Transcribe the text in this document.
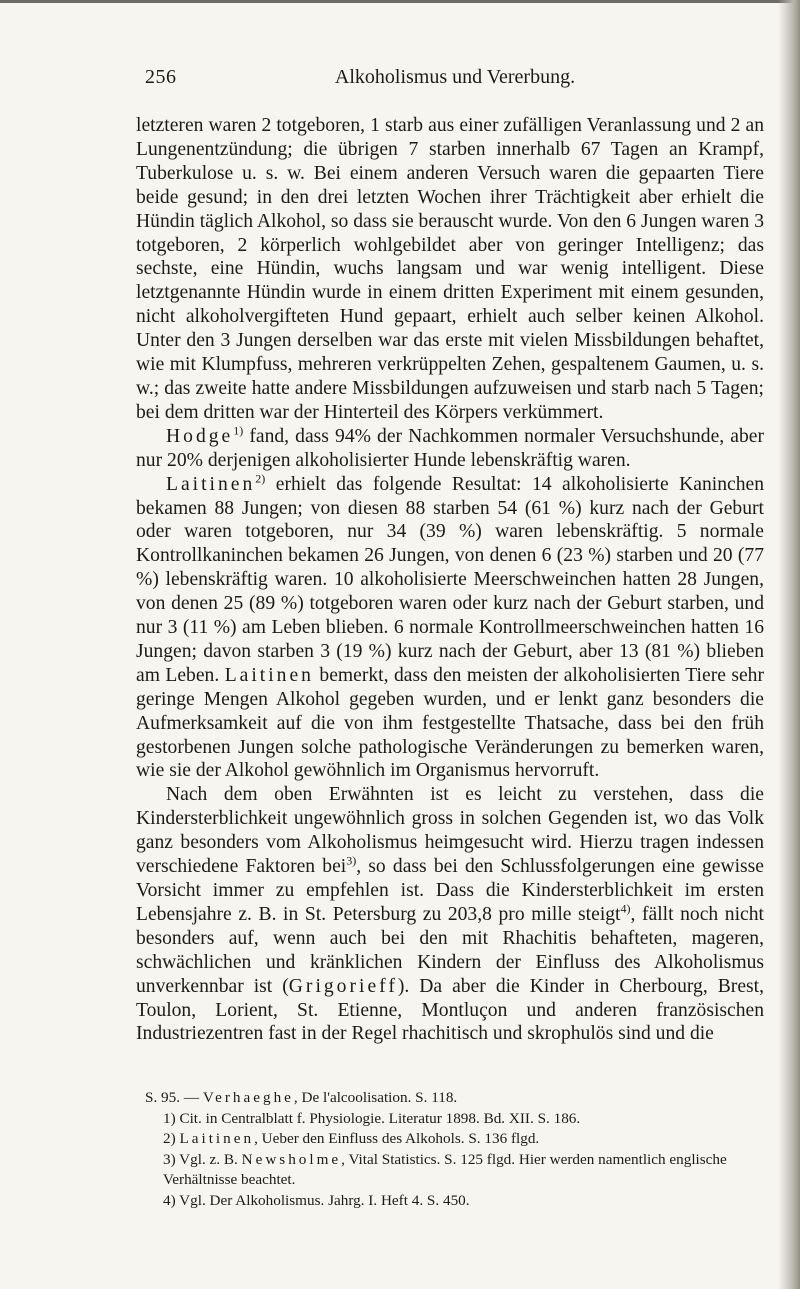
256	Alkoholismus und Vererbung.

letzteren waren 2 totgeboren, 1 starb aus einer zufälligen Veranlassung und 2 an Lungenentzündung; die übrigen 7 starben innerhalb 67 Tagen an Krampf, Tuberkulose u. s. w. Bei einem anderen Versuch waren die gepaarten Tiere beide gesund; in den drei letzten Wochen ihrer Trächtigkeit aber erhielt die Hündin täglich Alkohol, so dass sie berauscht wurde. Von den 6 Jungen waren 3 totgeboren, 2 körperlich wohlgebildet aber von geringer Intelligenz; das sechste, eine Hündin, wuchs langsam und war wenig intelligent. Diese letztgenannte Hündin wurde in einem dritten Experiment mit einem gesunden, nicht alkoholvergifteten Hund gepaart, erhielt auch selber keinen Alkohol. Unter den 3 Jungen derselben war das erste mit vielen Missbildungen behaftet, wie mit Klumpfuss, mehreren verkrüppelten Zehen, gespaltenem Gaumen, u. s. w.; das zweite hatte andere Missbildungen aufzuweisen und starb nach 5 Tagen; bei dem dritten war der Hinterteil des Körpers verkümmert.

Hodge$^{1)}$ fand, dass 94% der Nachkommen normaler Versuchshunde, aber nur 20% derjenigen alkoholisierter Hunde lebenskräftig waren.

Laitinen$^{2)}$ erhielt das folgende Resultat: 14 alkoholisierte Kaninchen bekamen 88 Jungen; von diesen 88 starben 54 (61 %) kurz nach der Geburt oder waren totgeboren, nur 34 (39 %) waren lebenskräftig. 5 normale Kontrollkaninchen bekamen 26 Jungen, von denen 6 (23 %) starben und 20 (77 %) lebenskräftig waren. 10 alkoholisierte Meerschweinchen hatten 28 Jungen, von denen 25 (89 %) totgeboren waren oder kurz nach der Geburt starben, und nur 3 (11 %) am Leben blieben. 6 normale Kontrollmeerschweinchen hatten 16 Jungen; davon starben 3 (19 %) kurz nach der Geburt, aber 13 (81 %) blieben am Leben. Laitinen bemerkt, dass den meisten der alkoholisierten Tiere sehr geringe Mengen Alkohol gegeben wurden, und er lenkt ganz besonders die Aufmerksamkeit auf die von ihm festgestellte Thatsache, dass bei den früh gestorbenen Jungen solche pathologische Veränderungen zu bemerken waren, wie sie der Alkohol gewöhnlich im Organismus hervorruft.

Nach dem oben Erwähnten ist es leicht zu verstehen, dass die Kindersterblichkeit ungewöhnlich gross in solchen Gegenden ist, wo das Volk ganz besonders vom Alkoholismus heimgesucht wird. Hierzu tragen indessen verschiedene Faktoren bei$^{3)}$, so dass bei den Schlussfolgerungen eine gewisse Vorsicht immer zu empfehlen ist. Dass die Kindersterblichkeit im ersten Lebensjahre z. B. in St. Petersburg zu 203,8 pro mille steigt$^{4)}$, fällt noch nicht besonders auf, wenn auch bei den mit Rhachitis behafteten, mageren, schwächlichen und kränklichen Kindern der Einfluss des Alkoholismus unverkennbar ist (Grigorieff). Da aber die Kinder in Cherbourg, Brest, Toulon, Lorient, St. Etienne, Montluçon und anderen französischen Industriezentren fast in der Regel rhachitisch und skrophulös sind und die

S. 95. — Verhaeghe, De l'alcoolisation. S. 118.

1) Cit. in Centralblatt f. Physiologie. Literatur 1898. Bd. XII. S. 186.

2) Laitinen, Ueber den Einfluss des Alkohols. S. 136 flgd.

3) Vgl. z. B. Newsholme, Vital Statistics. S. 125 flgd. Hier werden namentlich englische Verhältnisse beachtet.

4) Vgl. Der Alkoholismus. Jahrg. I. Heft 4. S. 450.
